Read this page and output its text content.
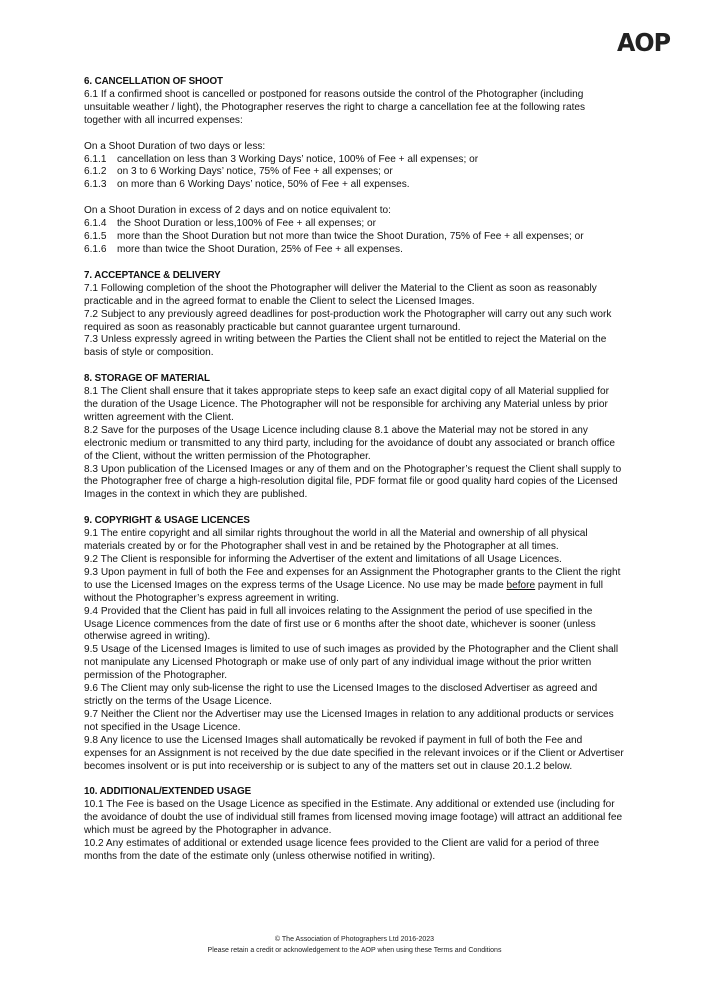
AOP
6. CANCELLATION OF SHOOT

6.1 If a confirmed shoot is cancelled or postponed for reasons outside the control of the Photographer (including unsuitable weather / light), the Photographer reserves the right to charge a cancellation fee at the following rates together with all incurred expenses:

On a Shoot Duration of two days or less:

6.1.1 cancellation on less than 3 Working Days’ notice, 100% of Fee + all expenses; or
6.1.2 on 3 to 6 Working Days’ notice, 75% of Fee + all expenses; or
6.1.3 on more than 6 Working Days’ notice, 50% of Fee + all expenses.

On a Shoot Duration in excess of 2 days and on notice equivalent to:

6.1.4 the Shoot Duration or less,100% of Fee + all expenses; or
6.1.5 more than the Shoot Duration but not more than twice the Shoot Duration, 75% of Fee + all expenses; or
6.1.6 more than twice the Shoot Duration, 25% of Fee + all expenses.
7. ACCEPTANCE & DELIVERY

7.1 Following completion of the shoot the Photographer will deliver the Material to the Client as soon as reasonably practicable and in the agreed format to enable the Client to select the Licensed Images.

7.2 Subject to any previously agreed deadlines for post-production work the Photographer will carry out any such work required as soon as reasonably practicable but cannot guarantee urgent turnaround.

7.3 Unless expressly agreed in writing between the Parties the Client shall not be entitled to reject the Material on the basis of style or composition.

8. STORAGE OF MATERIAL

8.1 The Client shall ensure that it takes appropriate steps to keep safe an exact digital copy of all Material supplied for the duration of the Usage Licence. The Photographer will not be responsible for archiving any Material unless by prior written agreement with the Client.

8.2 Save for the purposes of the Usage Licence including clause 8.1 above the Material may not be stored in any electronic medium or transmitted to any third party, including for the avoidance of doubt any associated or branch office of the Client, without the written permission of the Photographer.

8.3 Upon publication of the Licensed Images or any of them and on the Photographer’s request the Client shall supply to the Photographer free of charge a high-resolution digital file, PDF format file or good quality hard copies of the Licensed Images in the context in which they are published.

9. COPYRIGHT & USAGE LICENCES

9.1 The entire copyright and all similar rights throughout the world in all the Material and ownership of all physical materials created by or for the Photographer shall vest in and be retained by the Photographer at all times.

9.2 The Client is responsible for informing the Advertiser of the extent and limitations of all Usage Licences.

9.3 Upon payment in full of both the Fee and expenses for an Assignment the Photographer grants to the Client the right to use the Licensed Images on the express terms of the Usage Licence. No use may be made before payment in full without the Photographer’s express agreement in writing.

9.4 Provided that the Client has paid in full all invoices relating to the Assignment the period of use specified in the Usage Licence commences from the date of first use or 6 months after the shoot date, whichever is sooner (unless otherwise agreed in writing).

9.5 Usage of the Licensed Images is limited to use of such images as provided by the Photographer and the Client shall not manipulate any Licensed Photograph or make use of only part of any individual image without the prior written permission of the Photographer.

9.6 The Client may only sub-license the right to use the Licensed Images to the disclosed Advertiser as agreed and strictly on the terms of the Usage Licence.

9.7 Neither the Client nor the Advertiser may use the Licensed Images in relation to any additional products or services not specified in the Usage Licence.

9.8 Any licence to use the Licensed Images shall automatically be revoked if payment in full of both the Fee and expenses for an Assignment is not received by the due date specified in the relevant invoices or if the Client or Advertiser becomes insolvent or is put into receivership or is subject to any of the matters set out in clause 20.1.2 below.

10. ADDITIONAL/EXTENDED USAGE

10.1 The Fee is based on the Usage Licence as specified in the Estimate. Any additional or extended use (including for the avoidance of doubt the use of individual still frames from licensed moving image footage) will attract an additional fee which must be agreed by the Photographer in advance.

10.2 Any estimates of additional or extended usage licence fees provided to the Client are valid for a period of three months from the date of the estimate only (unless otherwise notified in writing).

© The Association of Photographers Ltd 2016-2023
Please retain a credit or acknowledgement to the AOP when using these Terms and Conditions
